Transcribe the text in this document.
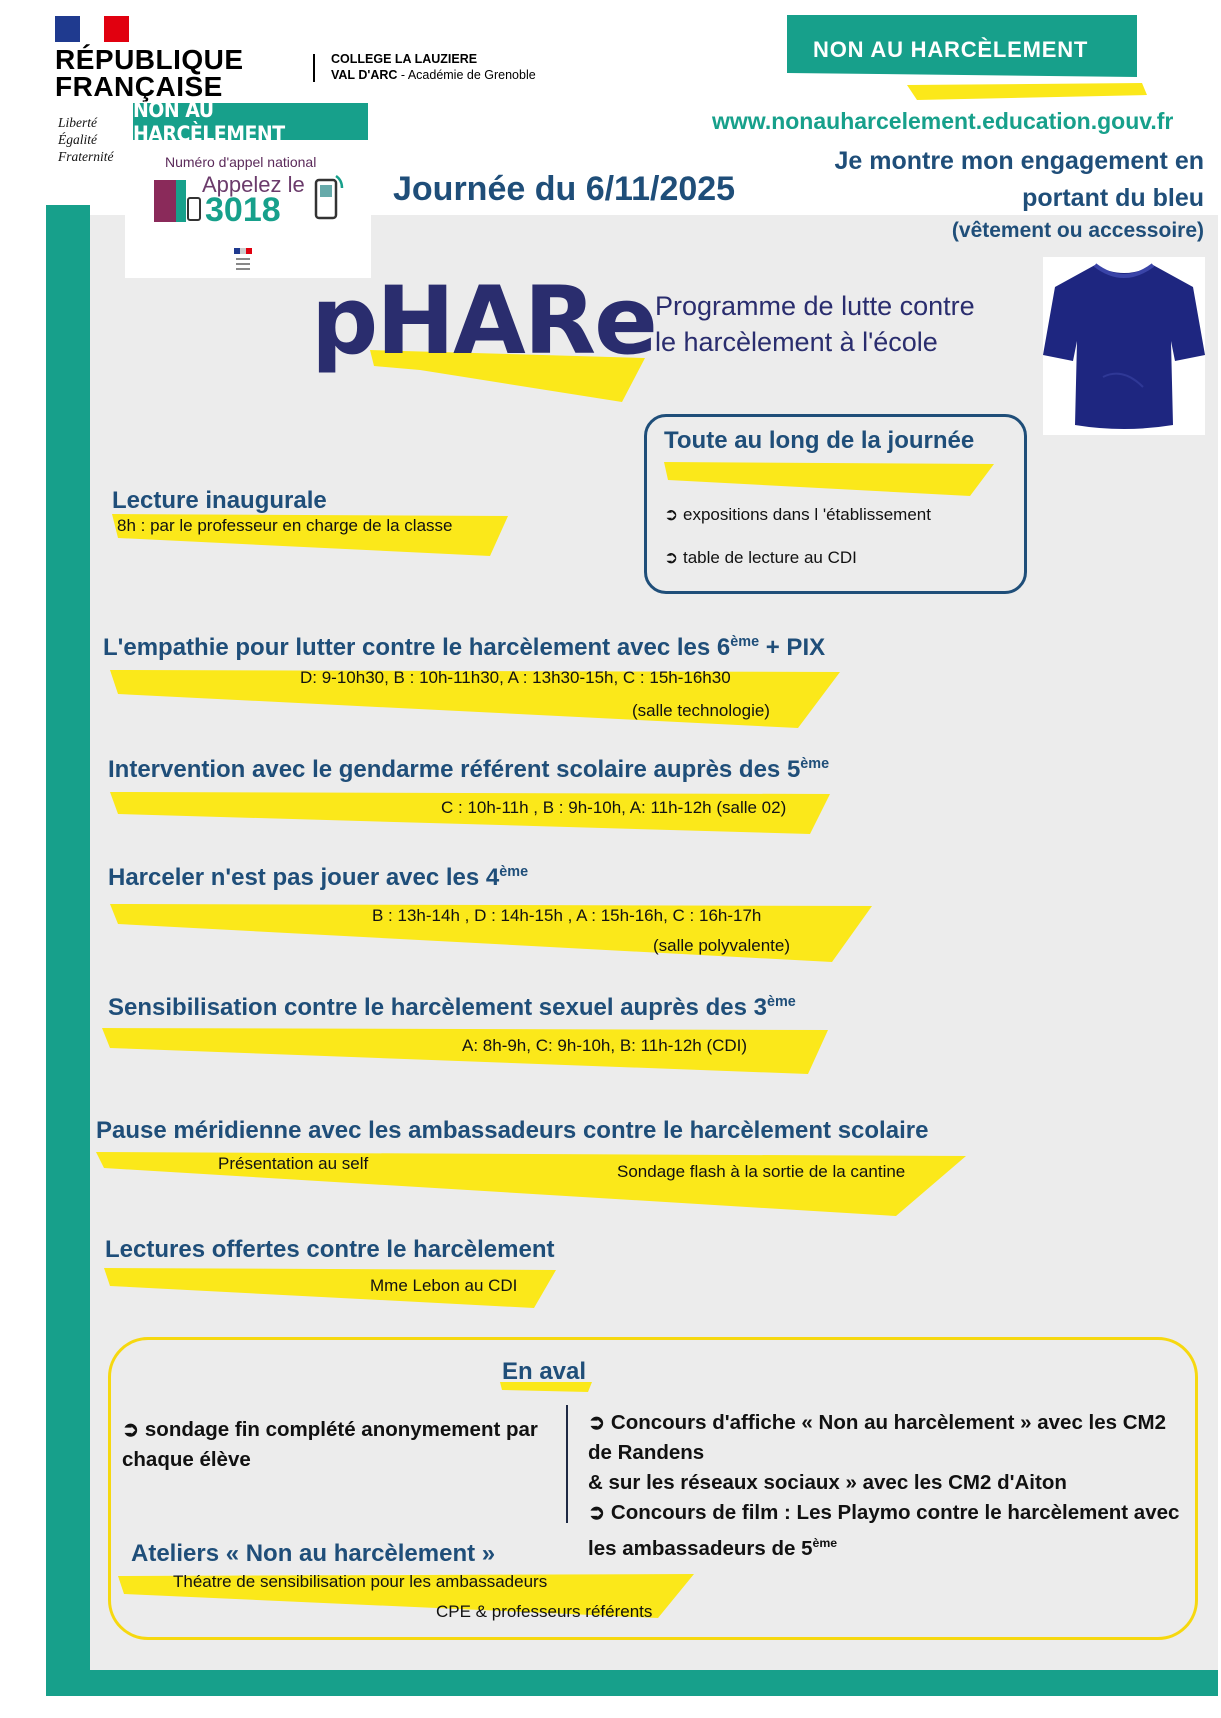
RÉPUBLIQUE
FRANÇAISE
Liberté
Égalité
Fraternité
COLLEGE LA LAUZIERE
VAL D'ARC - Académie de Grenoble
NON AU HARCÈLEMENT
Numéro d'appel national
Appelez le
3018
NON AU HARCÈLEMENT
www.nonauharcelement.education.gouv.fr
Je montre mon engagement en
portant du bleu
(vêtement ou accessoire)
Journée du 6/11/2025
pHARe Programme de lutte contre
le harcèlement à l'école
Toute au long de la journée
➲ expositions dans l 'établissement
➲ table de lecture au CDI
Lecture inaugurale
8h : par le professeur en charge de la classe
L'empathie pour lutter contre le harcèlement avec les 6ème + PIX
D: 9-10h30, B : 10h-11h30, A : 13h30-15h, C : 15h-16h30
(salle technologie)
Intervention avec le gendarme référent scolaire auprès des 5ème
C : 10h-11h , B : 9h-10h, A: 11h-12h (salle 02)
Harceler n'est pas jouer avec les 4ème
B : 13h-14h , D : 14h-15h , A : 15h-16h, C : 16h-17h
(salle polyvalente)
Sensibilisation contre le harcèlement sexuel auprès des 3ème
A: 8h-9h, C: 9h-10h, B: 11h-12h (CDI)
Pause méridienne avec les ambassadeurs contre le harcèlement scolaire
Présentation au self	Sondage flash à la sortie de la cantine
Lectures offertes contre le harcèlement
Mme Lebon au CDI
En aval
➲ sondage fin complété anonymement par chaque élève
➲ Concours d'affiche « Non au harcèlement » avec les CM2 de Randens
& sur les réseaux sociaux » avec les CM2 d'Aiton
➲ Concours de film : Les Playmo contre le harcèlement avec les ambassadeurs de 5ème
Ateliers « Non au harcèlement »
Théatre de sensibilisation pour les ambassadeurs
CPE & professeurs référents
